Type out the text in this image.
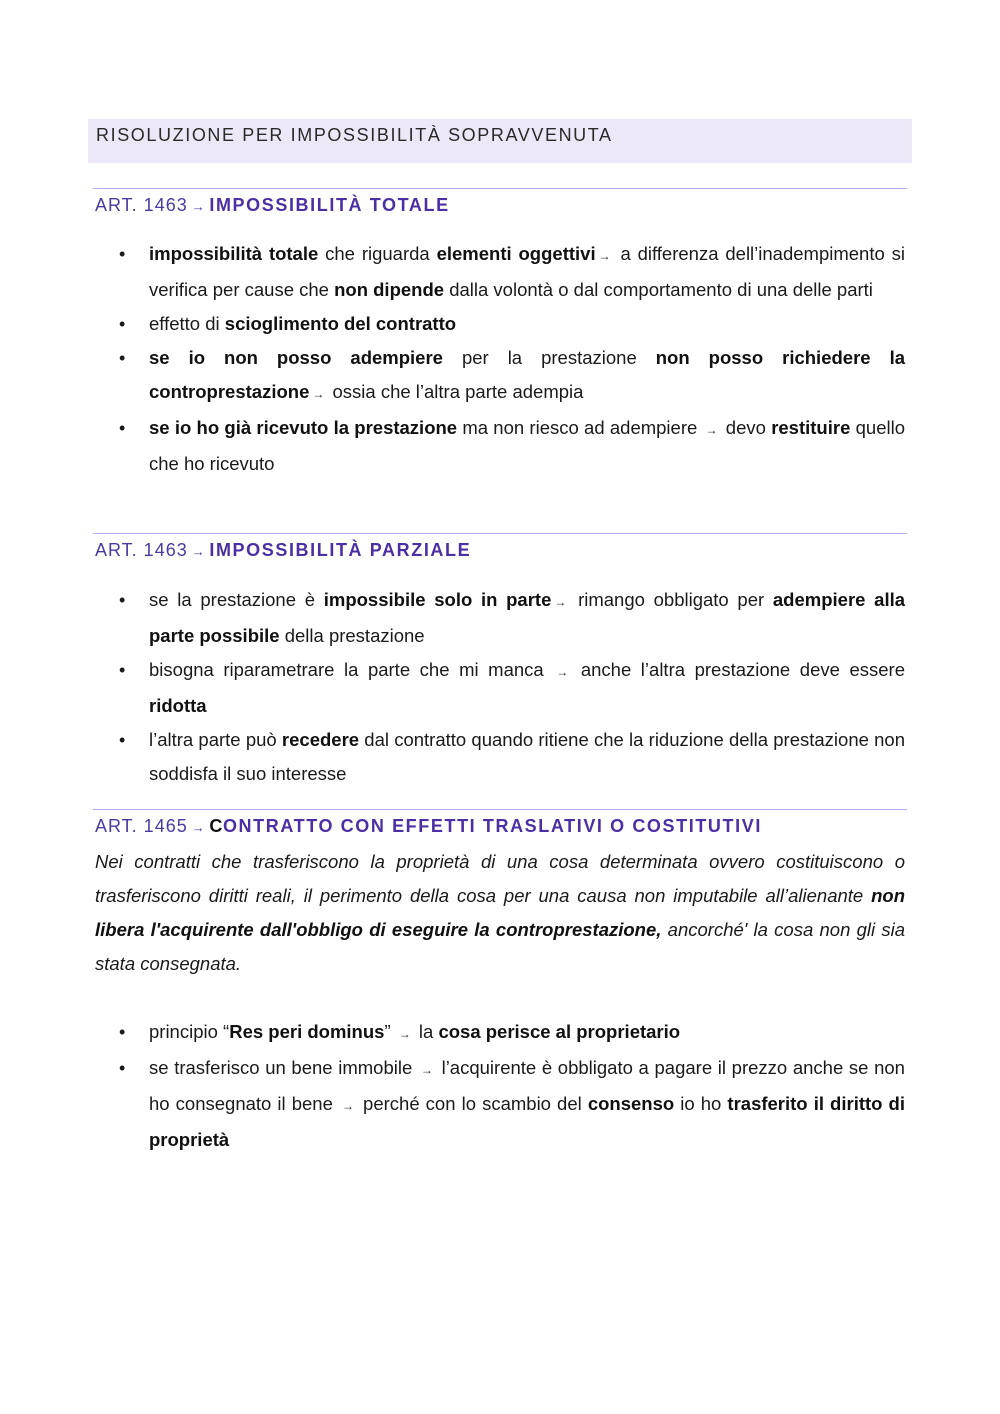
RISOLUZIONE PER IMPOSSIBILITÀ SOPRAVVENUTA
ART. 1463 → IMPOSSIBILITÀ TOTALE
• impossibilità totale che riguarda elementi oggettivi → a differenza dell’inadempimento si verifica per cause che non dipende dalla volontà o dal comportamento di una delle parti
• effetto di scioglimento del contratto
• se io non posso adempiere per la prestazione non posso richiedere la controprestazione → ossia che l’altra parte adempia
• se io ho già ricevuto la prestazione ma non riesco ad adempiere → devo restituire quello che ho ricevuto
ART. 1463 → IMPOSSIBILITÀ PARZIALE
• se la prestazione è impossibile solo in parte → rimango obbligato per adempiere alla parte possibile della prestazione
• bisogna riparametrare la parte che mi manca → anche l’altra prestazione deve essere ridotta
• l’altra parte può recedere dal contratto quando ritiene che la riduzione della prestazione non soddisfa il suo interesse
ART. 1465 → CONTRATTO CON EFFETTI TRASLATIVI O COSTITUTIVI
Nei contratti che trasferiscono la proprietà di una cosa determinata ovvero costituiscono o trasferiscono diritti reali, il perimento della cosa per una causa non imputabile all’alienante non libera l'acquirente dall'obbligo di eseguire la controprestazione, ancorché' la cosa non gli sia stata consegnata.
• principio “Res peri dominus” → la cosa perisce al proprietario
• se trasferisco un bene immobile → l’acquirente è obbligato a pagare il prezzo anche se non ho consegnato il bene → perché con lo scambio del consenso io ho trasferito il diritto di proprietà
